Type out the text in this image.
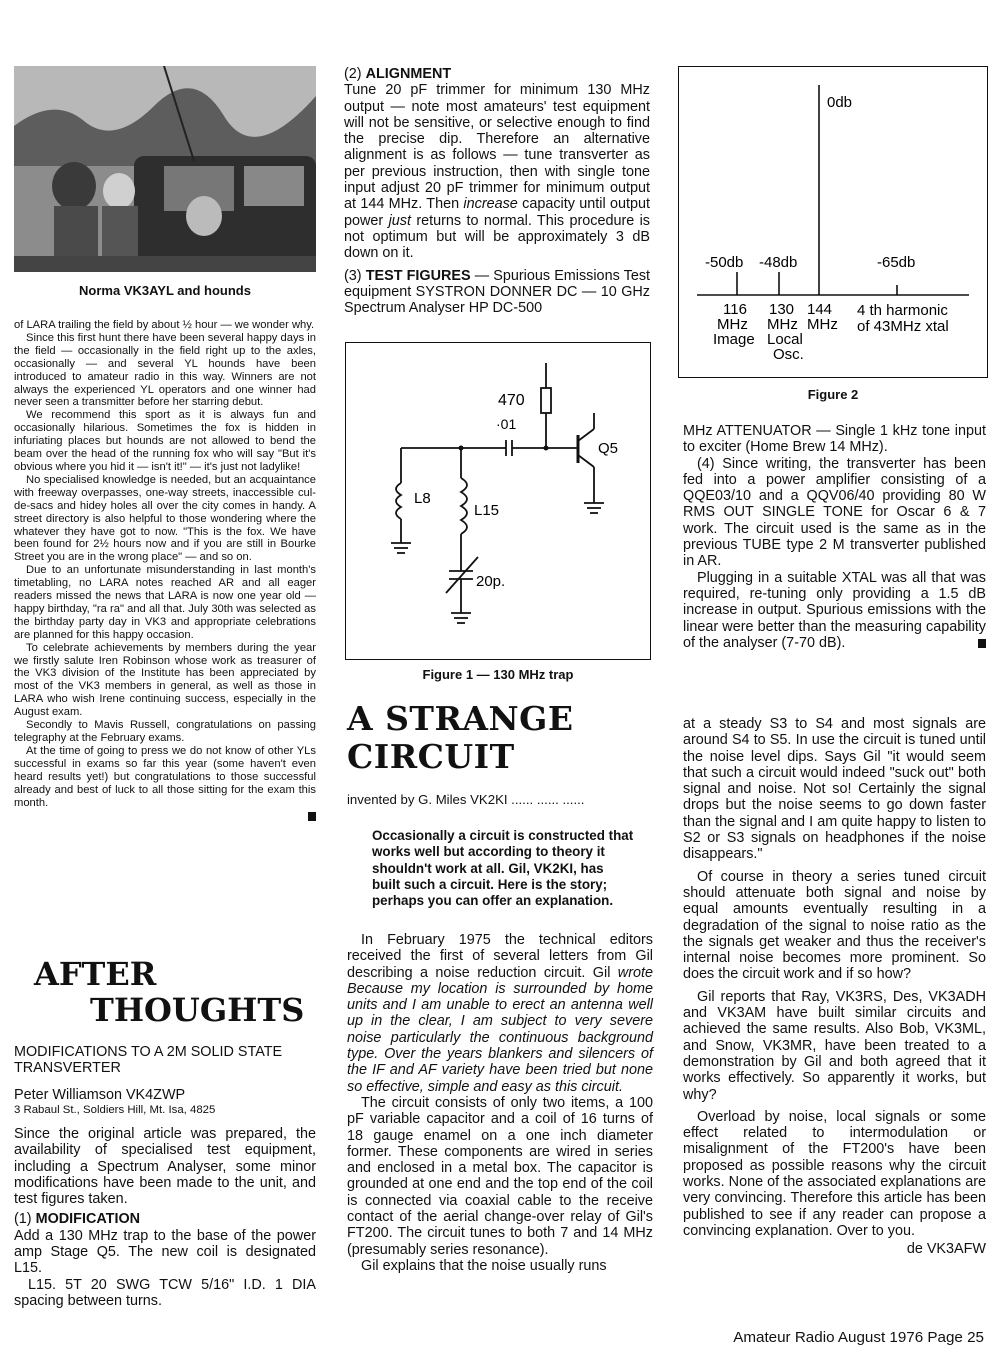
Norma VK3AYL and hounds

of LARA trailing the field by about ½ hour — we wonder why.

Since this first hunt there have been several happy days in the field — occasionally in the field right up to the axles, occasionally — and several YL hounds have been introduced to amateur radio in this way. Winners are not always the experienced YL operators and one winner had never seen a transmitter before her starring debut.

We recommend this sport as it is always fun and occasionally hilarious. Sometimes the fox is hidden in infuriating places but hounds are not allowed to bend the beam over the head of the running fox who will say "But it's obvious where you hid it — isn't it!" — it's just not ladylike!

No specialised knowledge is needed, but an acquaintance with freeway overpasses, one-way streets, inaccessible cul-de-sacs and hidey holes all over the city comes in handy. A street directory is also helpful to those wondering where the whatever they have got to now. "This is the fox. We have been found for 2½ hours now and if you are still in Bourke Street you are in the wrong place" — and so on.

Due to an unfortunate misunderstanding in last month's timetabling, no LARA notes reached AR and all eager readers missed the news that LARA is now one year old — happy birthday, "ra ra" and all that. July 30th was selected as the birthday party day in VK3 and appropriate celebrations are planned for this happy occasion.

To celebrate achievements by members during the year we firstly salute Iren Robinson whose work as treasurer of the VK3 division of the Institute has been appreciated by most of the VK3 members in general, as well as those in LARA who wish Irene continuing success, especially in the August exam.

Secondly to Mavis Russell, congratulations on passing telegraphy at the February exams.

At the time of going to press we do not know of other YLs successful in exams so far this year (some haven't even heard results yet!) but congratulations to those successful already and best of luck to all those sitting for the exam this month.

AFTER
THOUGHTS
MODIFICATIONS TO A 2M SOLID STATE TRANSVERTER
Peter Williamson VK4ZWP
3 Rabaul St., Soldiers Hill, Mt. Isa, 4825

Since the original article was prepared, the availability of specialised test equipment, including a Spectrum Analyser, some minor modifications have been made to the unit, and test figures taken.

(1) MODIFICATION

Add a 130 MHz trap to the base of the power amp Stage Q5. The new coil is designated L15.

L15. 5T 20 SWG TCW 5/16" I.D. 1 DIA spacing between turns.

(2) ALIGNMENT

Tune 20 pF trimmer for minimum 130 MHz output — note most amateurs' test equipment will not be sensitive, or selective enough to find the precise dip. Therefore an alternative alignment is as follows — tune transverter as per previous instruction, then with single tone input adjust 20 pF trimmer for minimum output at 144 MHz. Then increase capacity until output power just returns to normal. This procedure is not optimum but will be approximately 3 dB down on it.

(3) TEST FIGURES — Spurious Emissions Test equipment SYSTRON DONNER DC — 10 GHz Spectrum Analyser HP DC-500

470
·01
Q5
L8
L15
20p.
Figure 1 — 130 MHz trap
A STRANGE
CIRCUIT
invented by G. Miles VK2KI ...... ...... ......
Occasionally a circuit is constructed that works well but according to theory it shouldn't work at all. Gil, VK2KI, has built such a circuit. Here is the story; perhaps you can offer an explanation.

In February 1975 the technical editors received the first of several letters from Gil describing a noise reduction circuit. Gil wrote Because my location is surrounded by home units and I am unable to erect an antenna well up in the clear, I am subject to very severe noise particularly the continuous background type. Over the years blankers and silencers of the IF and AF variety have been tried but none so effective, simple and easy as this circuit.

The circuit consists of only two items, a 100 pF variable capacitor and a coil of 16 turns of 18 gauge enamel on a one inch diameter former. These components are wired in series and enclosed in a metal box. The capacitor is grounded at one end and the top end of the coil is connected via coaxial cable to the receive contact of the aerial change-over relay of Gil's FT200. The circuit tunes to both 7 and 14 MHz (presumably series resonance).

Gil explains that the noise usually runs

0db
-50db -48db	-65db
116
MHz
Image
130
MHz
Local
Osc.
144
MHz
4 th harmonic
of 43MHz xtal
Figure 2

MHz ATTENUATOR — Single 1 kHz tone input to exciter (Home Brew 14 MHz).

(4) Since writing, the transverter has been fed into a power amplifier consisting of a QQE03/10 and a QQV06/40 providing 80 W RMS OUT SINGLE TONE for Oscar 6 & 7 work. The circuit used is the same as in the previous TUBE type 2 M transverter published in AR.

Plugging in a suitable XTAL was all that was required, re-tuning only providing a 1.5 dB increase in output. Spurious emissions with the linear were better than the measuring capability of the analyser (7-70 dB).

at a steady S3 to S4 and most signals are around S4 to S5. In use the circuit is tuned until the noise level dips. Says Gil "it would seem that such a circuit would indeed "suck out" both signal and noise. Not so! Certainly the signal drops but the noise seems to go down faster than the signal and I am quite happy to listen to S2 or S3 signals on headphones if the noise disappears."

Of course in theory a series tuned circuit should attenuate both signal and noise by equal amounts eventually resulting in a degradation of the signal to noise ratio as the the signals get weaker and thus the receiver's internal noise becomes more prominent. So does the circuit work and if so how?

Gil reports that Ray, VK3RS, Des, VK3ADH and VK3AM have built similar circuits and achieved the same results. Also Bob, VK3ML, and Snow, VK3MR, have been treated to a demonstration by Gil and both agreed that it works effectively. So apparently it works, but why?

Overload by noise, local signals or some effect related to intermodulation or misalignment of the FT200's have been proposed as possible reasons why the circuit works. None of the associated explanations are very convincing. Therefore this article has been published to see if any reader can propose a convincing explanation. Over to you.

de VK3AFW

Amateur Radio August 1976 Page 25
